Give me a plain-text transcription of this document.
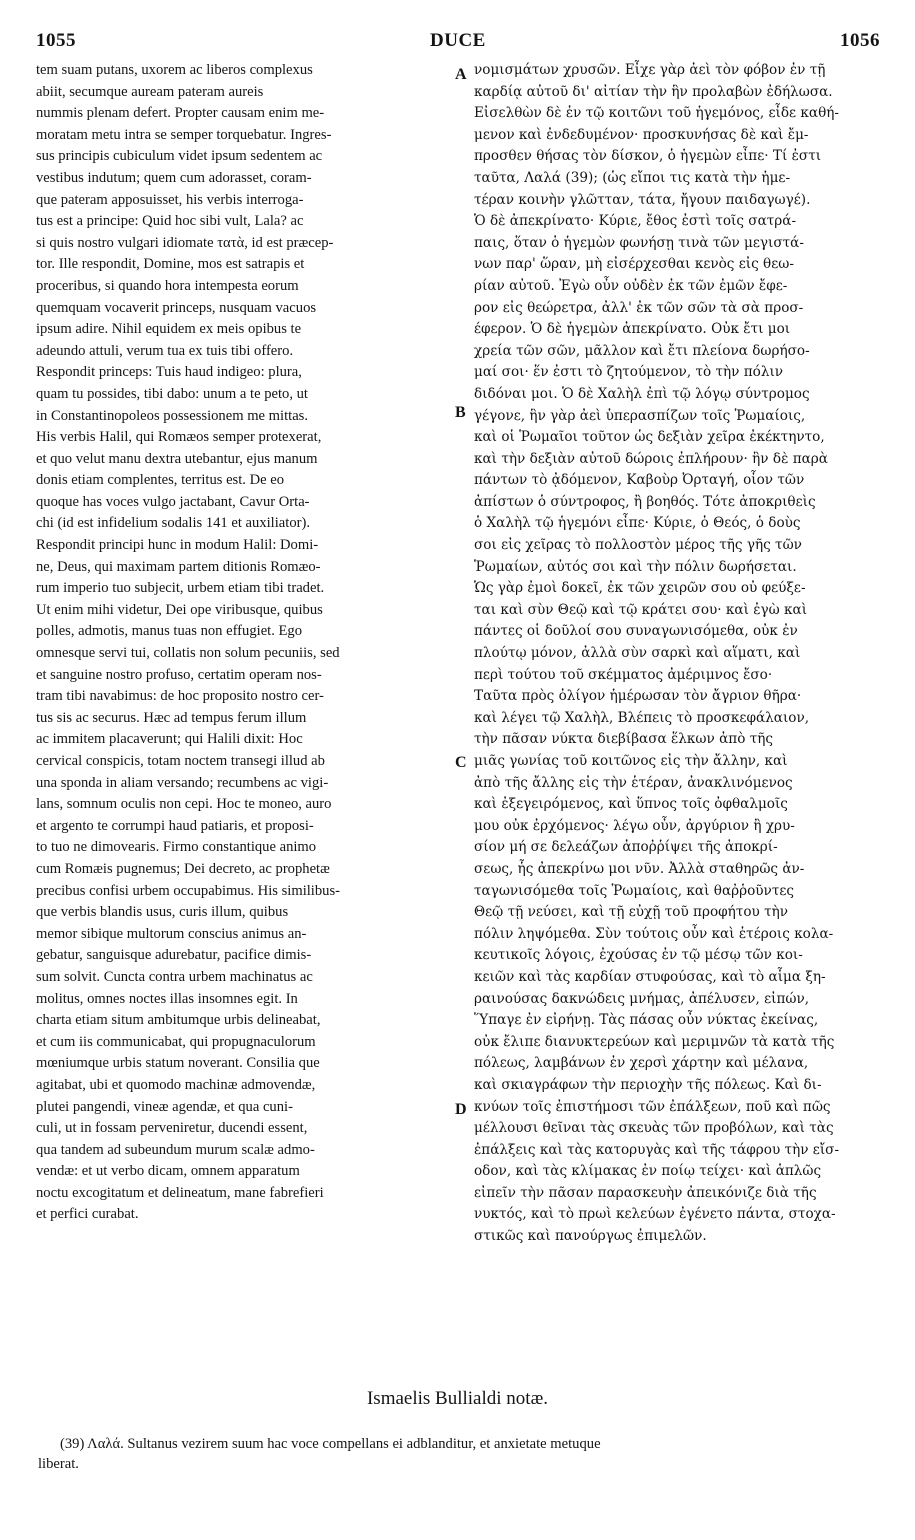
1055	DUCE	1056
tem suam putans, uxorem ac liberos complexus
abiit, secumque auream pateram aureis
nummis plenam defert. Propter causam enim me-
moratam metu intra se semper torquebatur. Ingres-
sus principis cubiculum videt ipsum sedentem ac
vestibus indutum; quem cum adorasset, coram-
que pateram apposuisset, his verbis interroga-
tus est a principe: Quid hoc sibi vult, Lala? ac
si quis nostro vulgari idiomate τατὰ, id est præcep-
tor. Ille respondit, Domine, mos est satrapis et
proceribus, si quando hora intempesta eorum
quemquam vocaverit princeps, nusquam vacuos
ipsum adire. Nihil equidem ex meis opibus te
adeundo attuli, verum tua ex tuis tibi offero.
Respondit princeps: Tuis haud indigeo: plura,
quam tu possides, tibi dabo: unum a te peto, ut
in Constantinopoleos possessionem me mittas.
His verbis Halil, qui Romæos semper protexerat,
et quo velut manu dextra utebantur, ejus manum
donis etiam complentes, territus est. De eo
quoque has voces vulgo jactabant, Cavur Orta-
chi (id est infidelium sodalis 141 et auxiliator).
Respondit principi hunc in modum Halil: Domi-
ne, Deus, qui maximam partem ditionis Romæo-
rum imperio tuo subjecit, urbem etiam tibi tradet.
Ut enim mihi videtur, Dei ope viribusque, quibus
polles, admotis, manus tuas non effugiet. Ego
omnesque servi tui, collatis non solum pecuniis, sed
et sanguine nostro profuso, certatim operam nos-
tram tibi navabimus: de hoc proposito nostro cer-
tus sis ac securus. Hæc ad tempus ferum illum
ac immitem placaverunt; qui Halili dixit: Hoc
cervical conspicis, totam noctem transegi illud ab
una sponda in aliam versando; recumbens ac vigi-
lans, somnum oculis non cepi. Hoc te moneo, auro
et argento te corrumpi haud patiaris, et proposi-
to tuo ne dimovearis. Firmo constantique animo
cum Romæis pugnemus; Dei decreto, ac prophetæ
precibus confisi urbem occupabimus. His similibus-
que verbis blandis usus, curis illum, quibus
memor sibique multorum conscius animus an-
gebatur, sanguisque adurebatur, pacifice dimis-
sum solvit. Cuncta contra urbem machinatus ac
molitus, omnes noctes illas insomnes egit. In
charta etiam situm ambitumque urbis delineabat,
et cum iis communicabat, qui propugnaculorum
mœniumque urbis statum noverant. Consilia que
agitabat, ubi et quomodo machinæ admovendæ,
plutei pangendi, vineæ agendæ, et qua cuni-
culi, ut in fossam perveniretur, ducendi essent,
qua tandem ad subeundum murum scalæ admo-
vendæ: et ut verbo dicam, omnem apparatum
noctu excogitatum et delineatum, mane fabrefieri
et perfici curabat.
νομισμάτων χρυσῶν. Εἶχε γὰρ ἀεὶ τὸν φόβον ἐν τῇ
καρδίᾳ αὐτοῦ δι' αἰτίαν τὴν ἣν προλαβὼν ἐδήλωσα.
Εἰσελθὼν δὲ ἐν τῷ κοιτῶνι τοῦ ἡγεμόνος, εἶδε καθή-
μενον καὶ ἐνδεδυμένον· προσκυνήσας δὲ καὶ ἔμ-
προσθεν θήσας τὸν δίσκον, ὁ ἡγεμὼν εἶπε· Τί ἐστι
ταῦτα, Λαλά (39); (ὡς εἴποι τις κατὰ τὴν ἡμε-
τέραν κοινὴν γλῶτταν, τάτα, ἤγουν παιδαγωγέ).
Ὁ δὲ ἀπεκρίνατο· Κύριε, ἔθος ἐστὶ τοῖς σατρά-
παις, ὅταν ὁ ἡγεμὼν φωνήσῃ τινὰ τῶν μεγιστά-
νων παρ' ὥραν, μὴ εἰσέρχεσθαι κενὸς εἰς θεω-
ρίαν αὐτοῦ. Ἐγὼ οὖν οὐδὲν ἐκ τῶν ἐμῶν ἔφε-
ρον εἰς θεώρετρα, ἀλλ' ἐκ τῶν σῶν τὰ σὰ προσ-
έφερον. Ὁ δὲ ἡγεμὼν ἀπεκρίνατο. Οὐκ ἔτι μοι
χρεία τῶν σῶν, μᾶλλον καὶ ἔτι πλείονα δωρήσο-
μαί σοι· ἕν ἐστι τὸ ζητούμενον, τὸ τὴν πόλιν
διδόναι μοι. Ὁ δὲ Χαλὴλ ἐπὶ τῷ λόγῳ σύντρομος
γέγονε, ἣν γὰρ ἀεὶ ὑπερασπίζων τοῖς Ῥωμαίοις,
καὶ οἱ Ῥωμαῖοι τοῦτον ὡς δεξιὰν χεῖρα ἐκέκτηντο,
καὶ τὴν δεξιὰν αὐτοῦ δώροις ἐπλήρουν· ἣν δὲ παρὰ
πάντων τὸ ᾀδόμενον, Καβοὺρ Ὀρταγή, οἷον τῶν
ἀπίστων ὁ σύντροφος, ἢ βοηθός. Τότε ἀποκριθεὶς
ὁ Χαλὴλ τῷ ἡγεμόνι εἶπε· Κύριε, ὁ Θεός, ὁ δοὺς
σοι εἰς χεῖρας τὸ πολλοστὸν μέρος τῆς γῆς τῶν
Ῥωμαίων, αὐτός σοι καὶ τὴν πόλιν δωρήσεται.
Ὡς γὰρ ἐμοὶ δοκεῖ, ἐκ τῶν χειρῶν σου οὐ φεύξε-
ται καὶ σὺν Θεῷ καὶ τῷ κράτει σου· καὶ ἐγὼ καὶ
πάντες οἱ δοῦλοί σου συναγωνισόμεθα, οὐκ ἐν
πλούτῳ μόνον, ἀλλὰ σὺν σαρκὶ καὶ αἵματι, καὶ
περὶ τούτου τοῦ σκέμματος ἀμέριμνος ἔσο·
Ταῦτα πρὸς ὀλίγον ἡμέρωσαν τὸν ἄγριον θῆρα·
καὶ λέγει τῷ Χαλὴλ, Βλέπεις τὸ προσκεφάλαιον,
τὴν πᾶσαν νύκτα διεβίβασα ἕλκων ἀπὸ τῆς
μιᾶς γωνίας τοῦ κοιτῶνος εἰς τὴν ἄλλην, καὶ
ἀπὸ τῆς ἄλλης εἰς τὴν ἑτέραν, ἀνακλινόμενος
καὶ ἐξεγειρόμενος, καὶ ὕπνος τοῖς ὀφθαλμοῖς
μου οὐκ ἐρχόμενος· λέγω οὖν, ἀργύριον ἢ χρυ-
σίον μή σε δελεάζων ἀποῤῥίψει τῆς ἀποκρί-
σεως, ἧς ἀπεκρίνω μοι νῦν. Ἀλλὰ σταθηρῶς ἀν-
ταγωνισόμεθα τοῖς Ῥωμαίοις, καὶ θαῤῥοῦντες
Θεῷ τῇ νεύσει, καὶ τῇ εὐχῇ τοῦ προφήτου τὴν
πόλιν ληψόμεθα. Σὺν τούτοις οὖν καὶ ἑτέροις κολα-
κευτικοῖς λόγοις, ἐχούσας ἐν τῷ μέσῳ τῶν κοι-
κειῶν καὶ τὰς καρδίαν στυφούσας, καὶ τὸ αἷμα ξη-
ραινούσας δακνώδεις μνήμας, ἀπέλυσεν, εἰπών,
Ὕπαγε ἐν εἰρήνῃ. Τὰς πάσας οὖν νύκτας ἐκείνας,
οὐκ ἔλιπε διανυκτερεύων καὶ μεριμνῶν τὰ κατὰ τῆς
πόλεως, λαμβάνων ἐν χερσὶ χάρτην καὶ μέλανα,
καὶ σκιαγράφων τὴν περιοχὴν τῆς πόλεως. Καὶ δι-
κνύων τοῖς ἐπιστήμοσι τῶν ἐπάλξεων, ποῦ καὶ πῶς
μέλλουσι θεῖναι τὰς σκευὰς τῶν προβόλων, καὶ τὰς
ἐπάλξεις καὶ τὰς κατορυγὰς καὶ τῆς τάφρου τὴν εἴσ-
οδον, καὶ τὰς κλίμακας ἐν ποίῳ τείχει· καὶ ἁπλῶς
εἰπεῖν τὴν πᾶσαν παρασκευὴν ἀπεικόνιζε διὰ τῆς
νυκτός, καὶ τὸ πρωὶ κελεύων ἐγένετο πάντα, στοχα-
στικῶς καὶ πανούργως ἐπιμελῶν.
A
B
C
D
Ismaelis Bullialdi notæ.
(39) Λαλά. Sultanus vezirem suum hac voce compellans ei adblanditur, et anxietate metuque
liberat.
